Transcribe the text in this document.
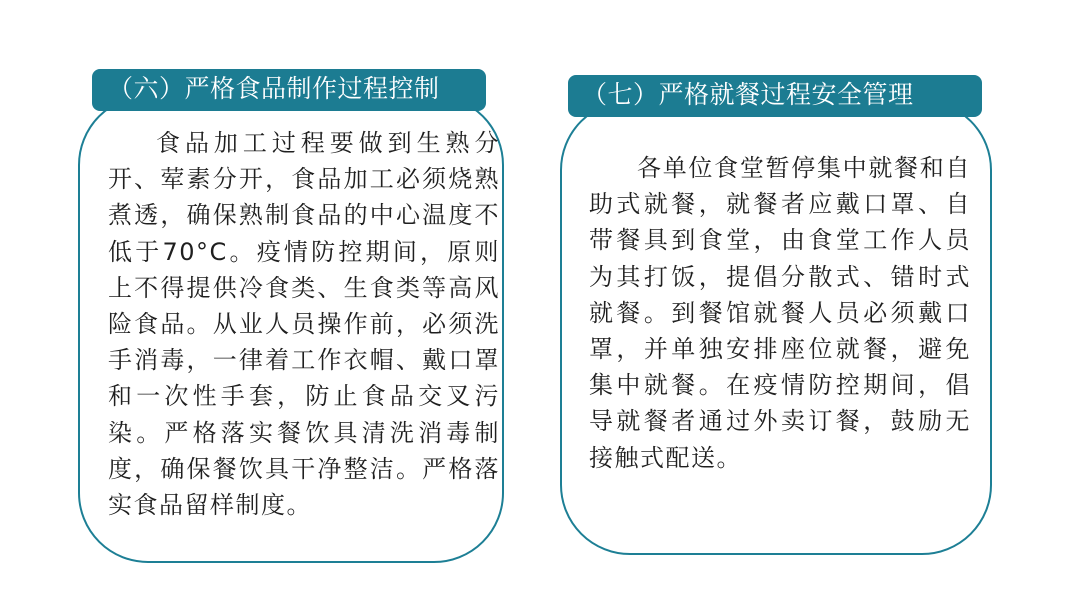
（六）严格食品制作过程控制

食品加工过程要做到生熟分开、荤素分开，食品加工必须烧熟煮透，确保熟制食品的中心温度不低于70°C。疫情防控期间，原则上不得提供冷食类、生食类等高风险食品。从业人员操作前，必须洗手消毒，一律着工作衣帽、戴口罩和一次性手套，防止食品交叉污染。严格落实餐饮具清洗消毒制度，确保餐饮具干净整洁。严格落实食品留样制度。

（七）严格就餐过程安全管理

各单位食堂暂停集中就餐和自助式就餐，就餐者应戴口罩、自带餐具到食堂，由食堂工作人员为其打饭，提倡分散式、错时式就餐。到餐馆就餐人员必须戴口罩，并单独安排座位就餐，避免集中就餐。在疫情防控期间，倡导就餐者通过外卖订餐，鼓励无接触式配送。
